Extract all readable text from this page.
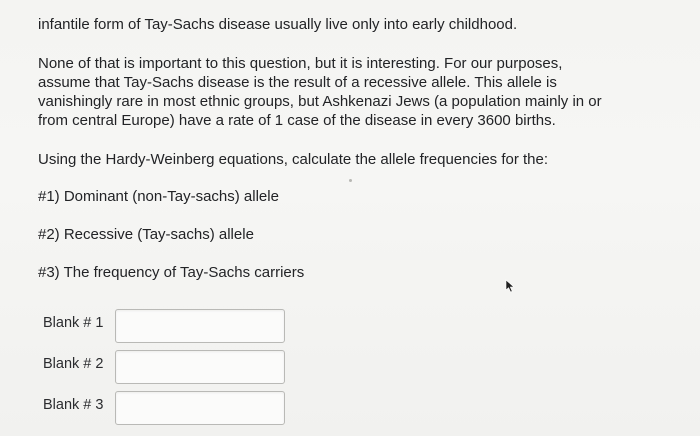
infantile form of Tay-Sachs disease usually live only into early childhood.
None of that is important to this question, but it is interesting. For our purposes,
assume that Tay-Sachs disease is the result of a recessive allele. This allele is
vanishingly rare in most ethnic groups, but Ashkenazi Jews (a population mainly in or
from central Europe) have a rate of 1 case of the disease in every 3600 births.
Using the Hardy-Weinberg equations, calculate the allele frequencies for the:
#1) Dominant (non-Tay-sachs) allele
#2) Recessive (Tay-sachs) allele
#3) The frequency of Tay-Sachs carriers
Blank # 1
Blank # 2
Blank # 3
